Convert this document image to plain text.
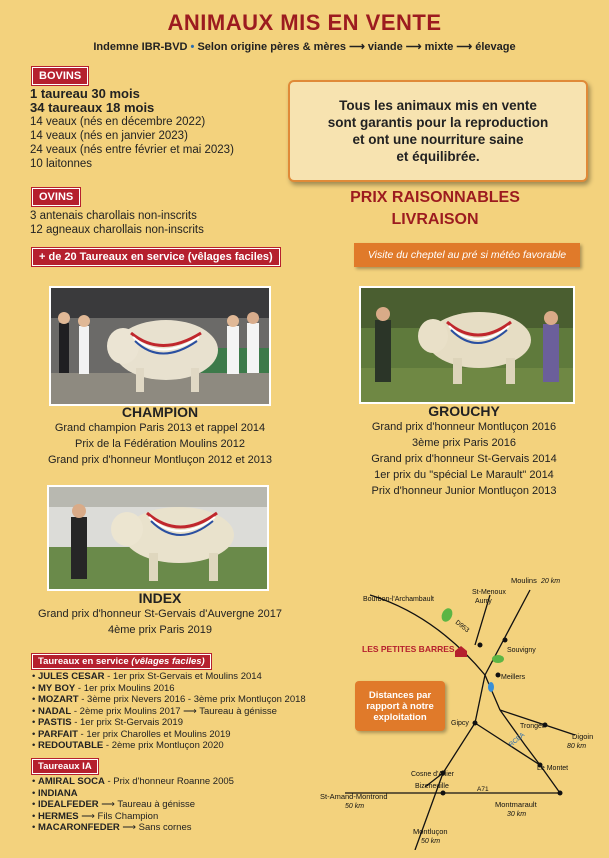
ANIMAUX MIS EN VENTE
Indemne IBR-BVD • Selon origine pères & mères ⟶ viande ⟶ mixte ⟶ élevage
BOVINS
1 taureau 30 mois
34 taureaux 18 mois
14 veaux (nés en décembre 2022)
14 veaux (nés en janvier 2023)
24 veaux (nés entre février et mai 2023)
10 laitonnes
OVINS
3 antenais charollais non-inscrits
12 agneaux charollais non-inscrits
+ de 20 Taureaux en service (vêlages faciles)
Tous les animaux mis en vente
sont garantis pour la reproduction
et ont une nourriture saine
et équilibrée.
PRIX RAISONNABLES
LIVRAISON
Visite du cheptel au pré si météo favorable
CHAMPION
Grand champion Paris 2013 et rappel 2014
Prix de la Fédération Moulins 2012
Grand prix d'honneur Montluçon 2012 et 2013
GROUCHY
Grand prix d'honneur Montluçon 2016
3ème prix Paris 2016
Grand prix d'honneur St-Gervais 2014
1er prix du "spécial Le Marault" 2014
Prix d'honneur Junior Montluçon 2013
INDEX
Grand prix d'honneur St-Gervais d'Auvergne 2017
4ème prix Paris 2019
Taureaux en service (vêlages faciles)
• JULES CESAR - 1er prix St-Gervais et Moulins 2014
• MY BOY - 1er prix Moulins 2016
• MOZART - 3ème prix Nevers 2016 - 3ème prix Montluçon 2018
• NADAL - 2ème prix Moulins 2017 ⟶ Taureau à génisse
• PASTIS - 1er prix St-Gervais 2019
• PARFAIT - 1er prix Charolles et Moulins 2019
• REDOUTABLE - 2ème prix Montluçon 2020
Taureaux IA
• AMIRAL SOCA - Prix d'honneur Roanne 2005
• INDIANA
• IDEALFEDER ⟶ Taureau à génisse
• HERMES ⟶ Fils Champion
• MACARONFEDER ⟶ Sans cornes
Bourbon-l'Archambault
St-Menoux
Aurry
Moulins 20 km
Souvigny
Meillers
Gipcy	Tronget
Digoin
80 km
Cosne d'Allier
Le Montet
Bizeneuille
St-Amand-Montrond
50 km	Montmarault
30 km
Montluçon
50 km
D953
RCEA
A71
LES PETITES BARRES
Distances par rapport à notre exploitation
